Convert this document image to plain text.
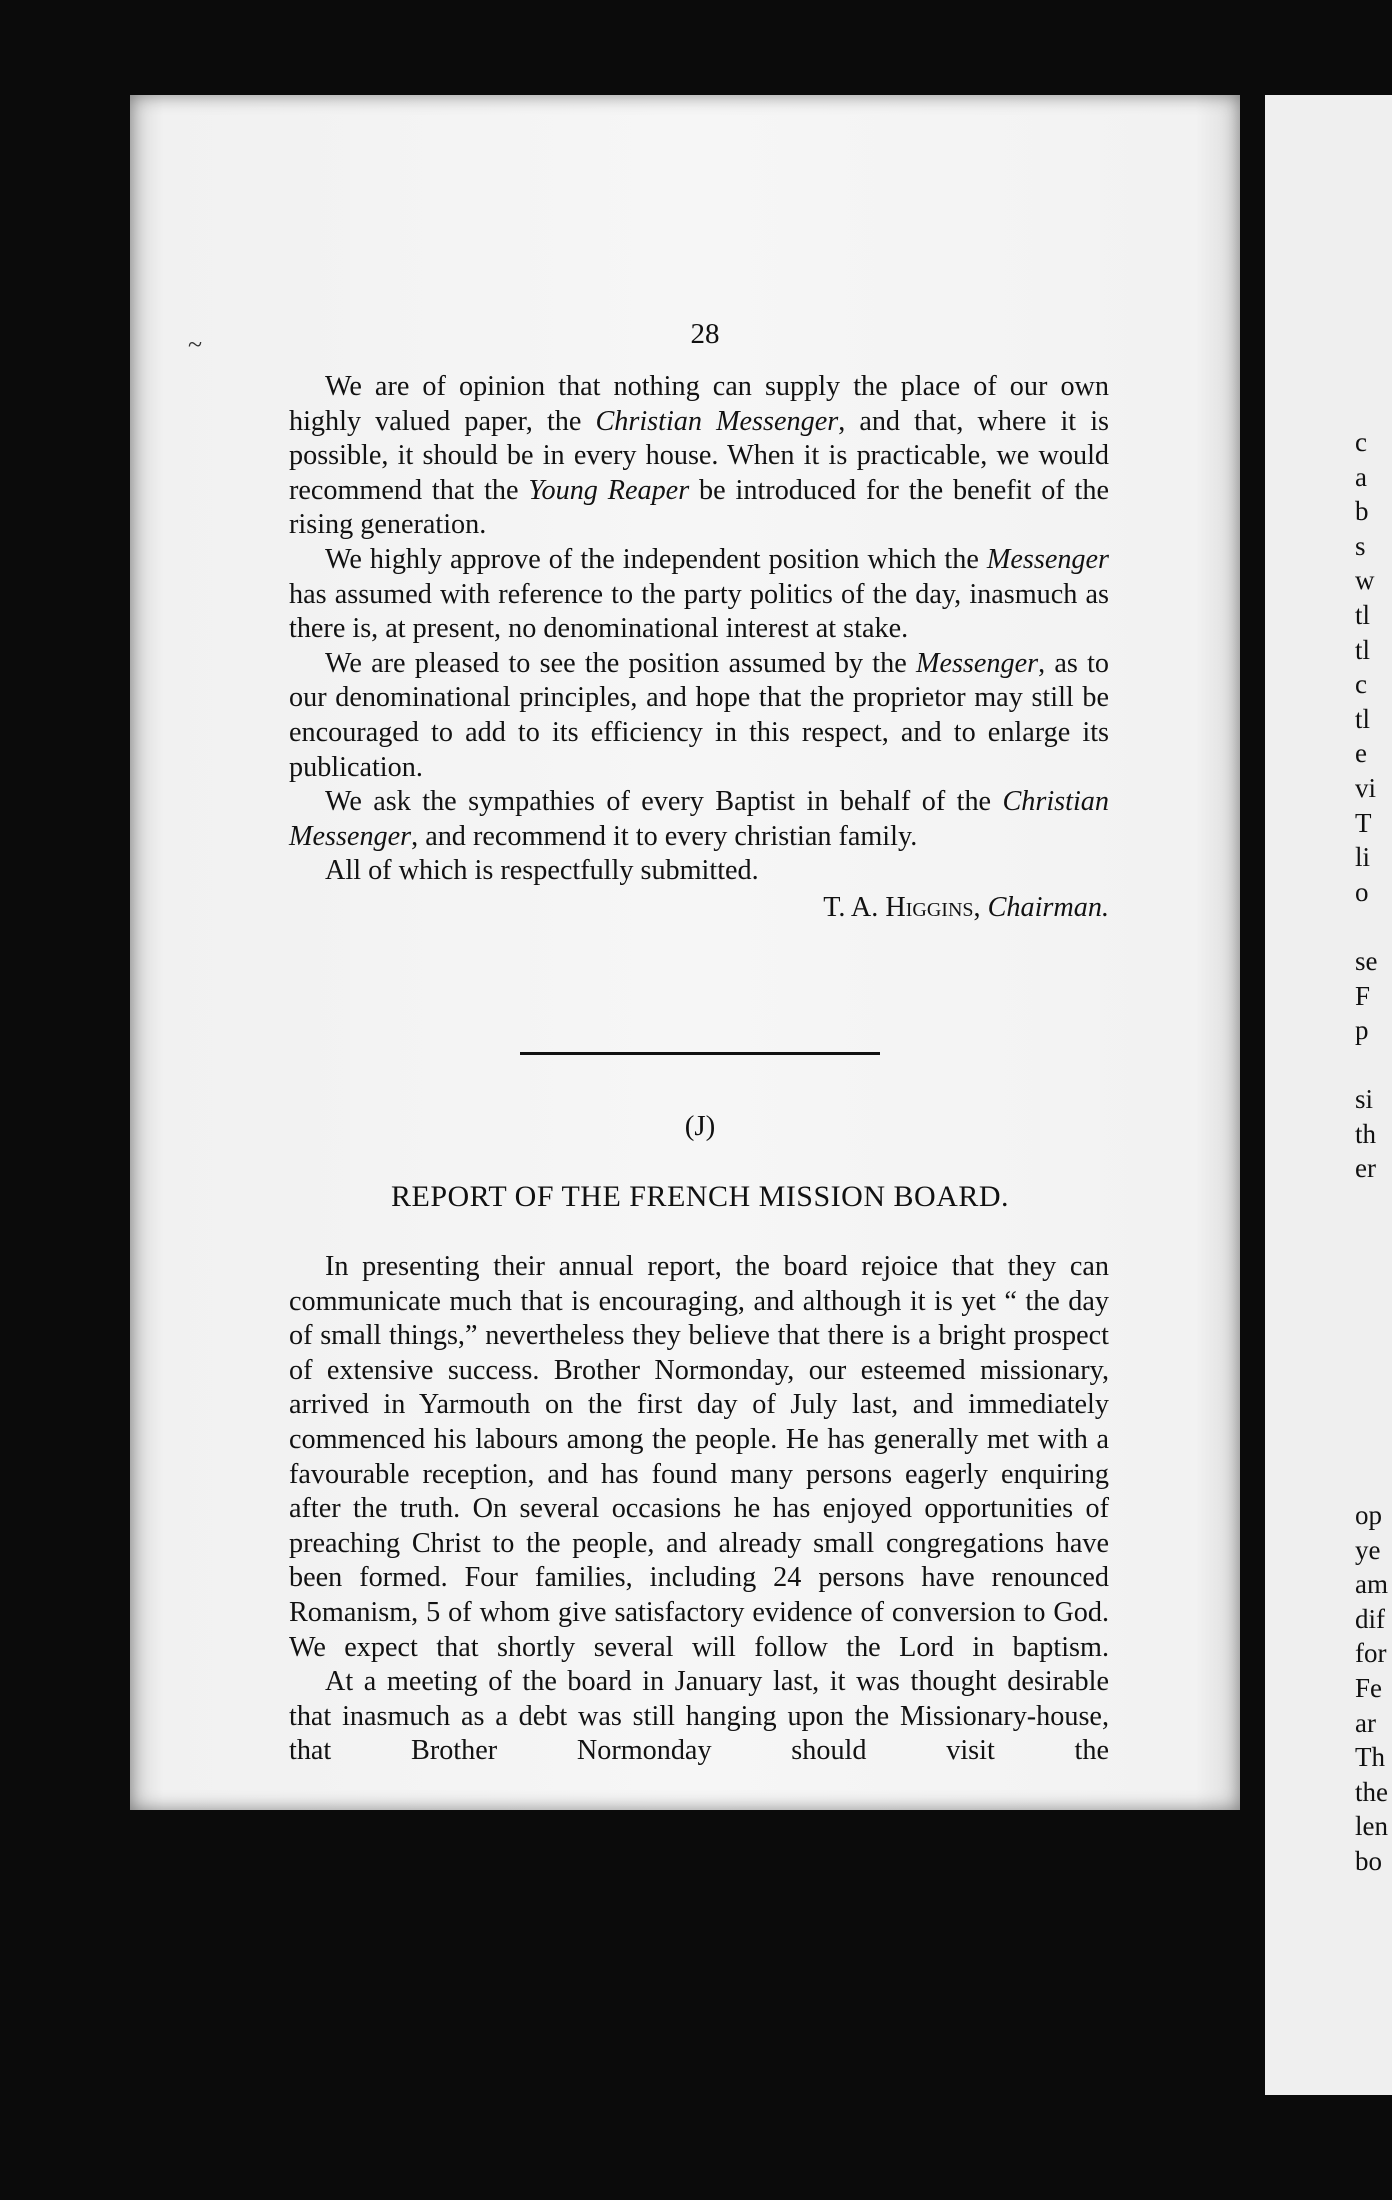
28

We are of opinion that nothing can supply the place of our own highly valued paper, the Christian Messenger, and that, where it is possible, it should be in every house. When it is practicable, we would recommend that the Young Reaper be introduced for the benefit of the rising generation.

We highly approve of the independent position which the Messenger has assumed with reference to the party politics of the day, inasmuch as there is, at present, no denominational interest at stake.

We are pleased to see the position assumed by the Messenger, as to our denominational principles, and hope that the proprietor may still be encouraged to add to its efficiency in this respect, and to enlarge its publication.

We ask the sympathies of every Baptist in behalf of the Christian Messenger, and recommend it to every christian family.

All of which is respectfully submitted.

T. A. Higgins, Chairman.
(J)
REPORT OF THE FRENCH MISSION BOARD.

In presenting their annual report, the board rejoice that they can communicate much that is encouraging, and although it is yet “ the day of small things,” nevertheless they believe that there is a bright prospect of extensive success. Brother Normonday, our esteemed missionary, arrived in Yarmouth on the first day of July last, and immediately commenced his labours among the people. He has generally met with a favourable reception, and has found many persons eagerly enquiring after the truth. On several occasions he has enjoyed opportunities of preaching Christ to the people, and already small congregations have been formed. Four families, including 24 persons have renounced Romanism, 5 of whom give satisfactory evidence of conversion to God. We expect that shortly several will follow the Lord in baptism.

At a meeting of the board in January last, it was thought desirable that inasmuch as a debt was still hanging upon the Missionary-house, that Brother Normonday should visit the

c
a
b
s
w
tl
tl
c
tl
e
vi
T
li
o
se
F
p
si
th
er
op
ye
am
dif
for
Fe
ar
Th
the
len
bo
~
